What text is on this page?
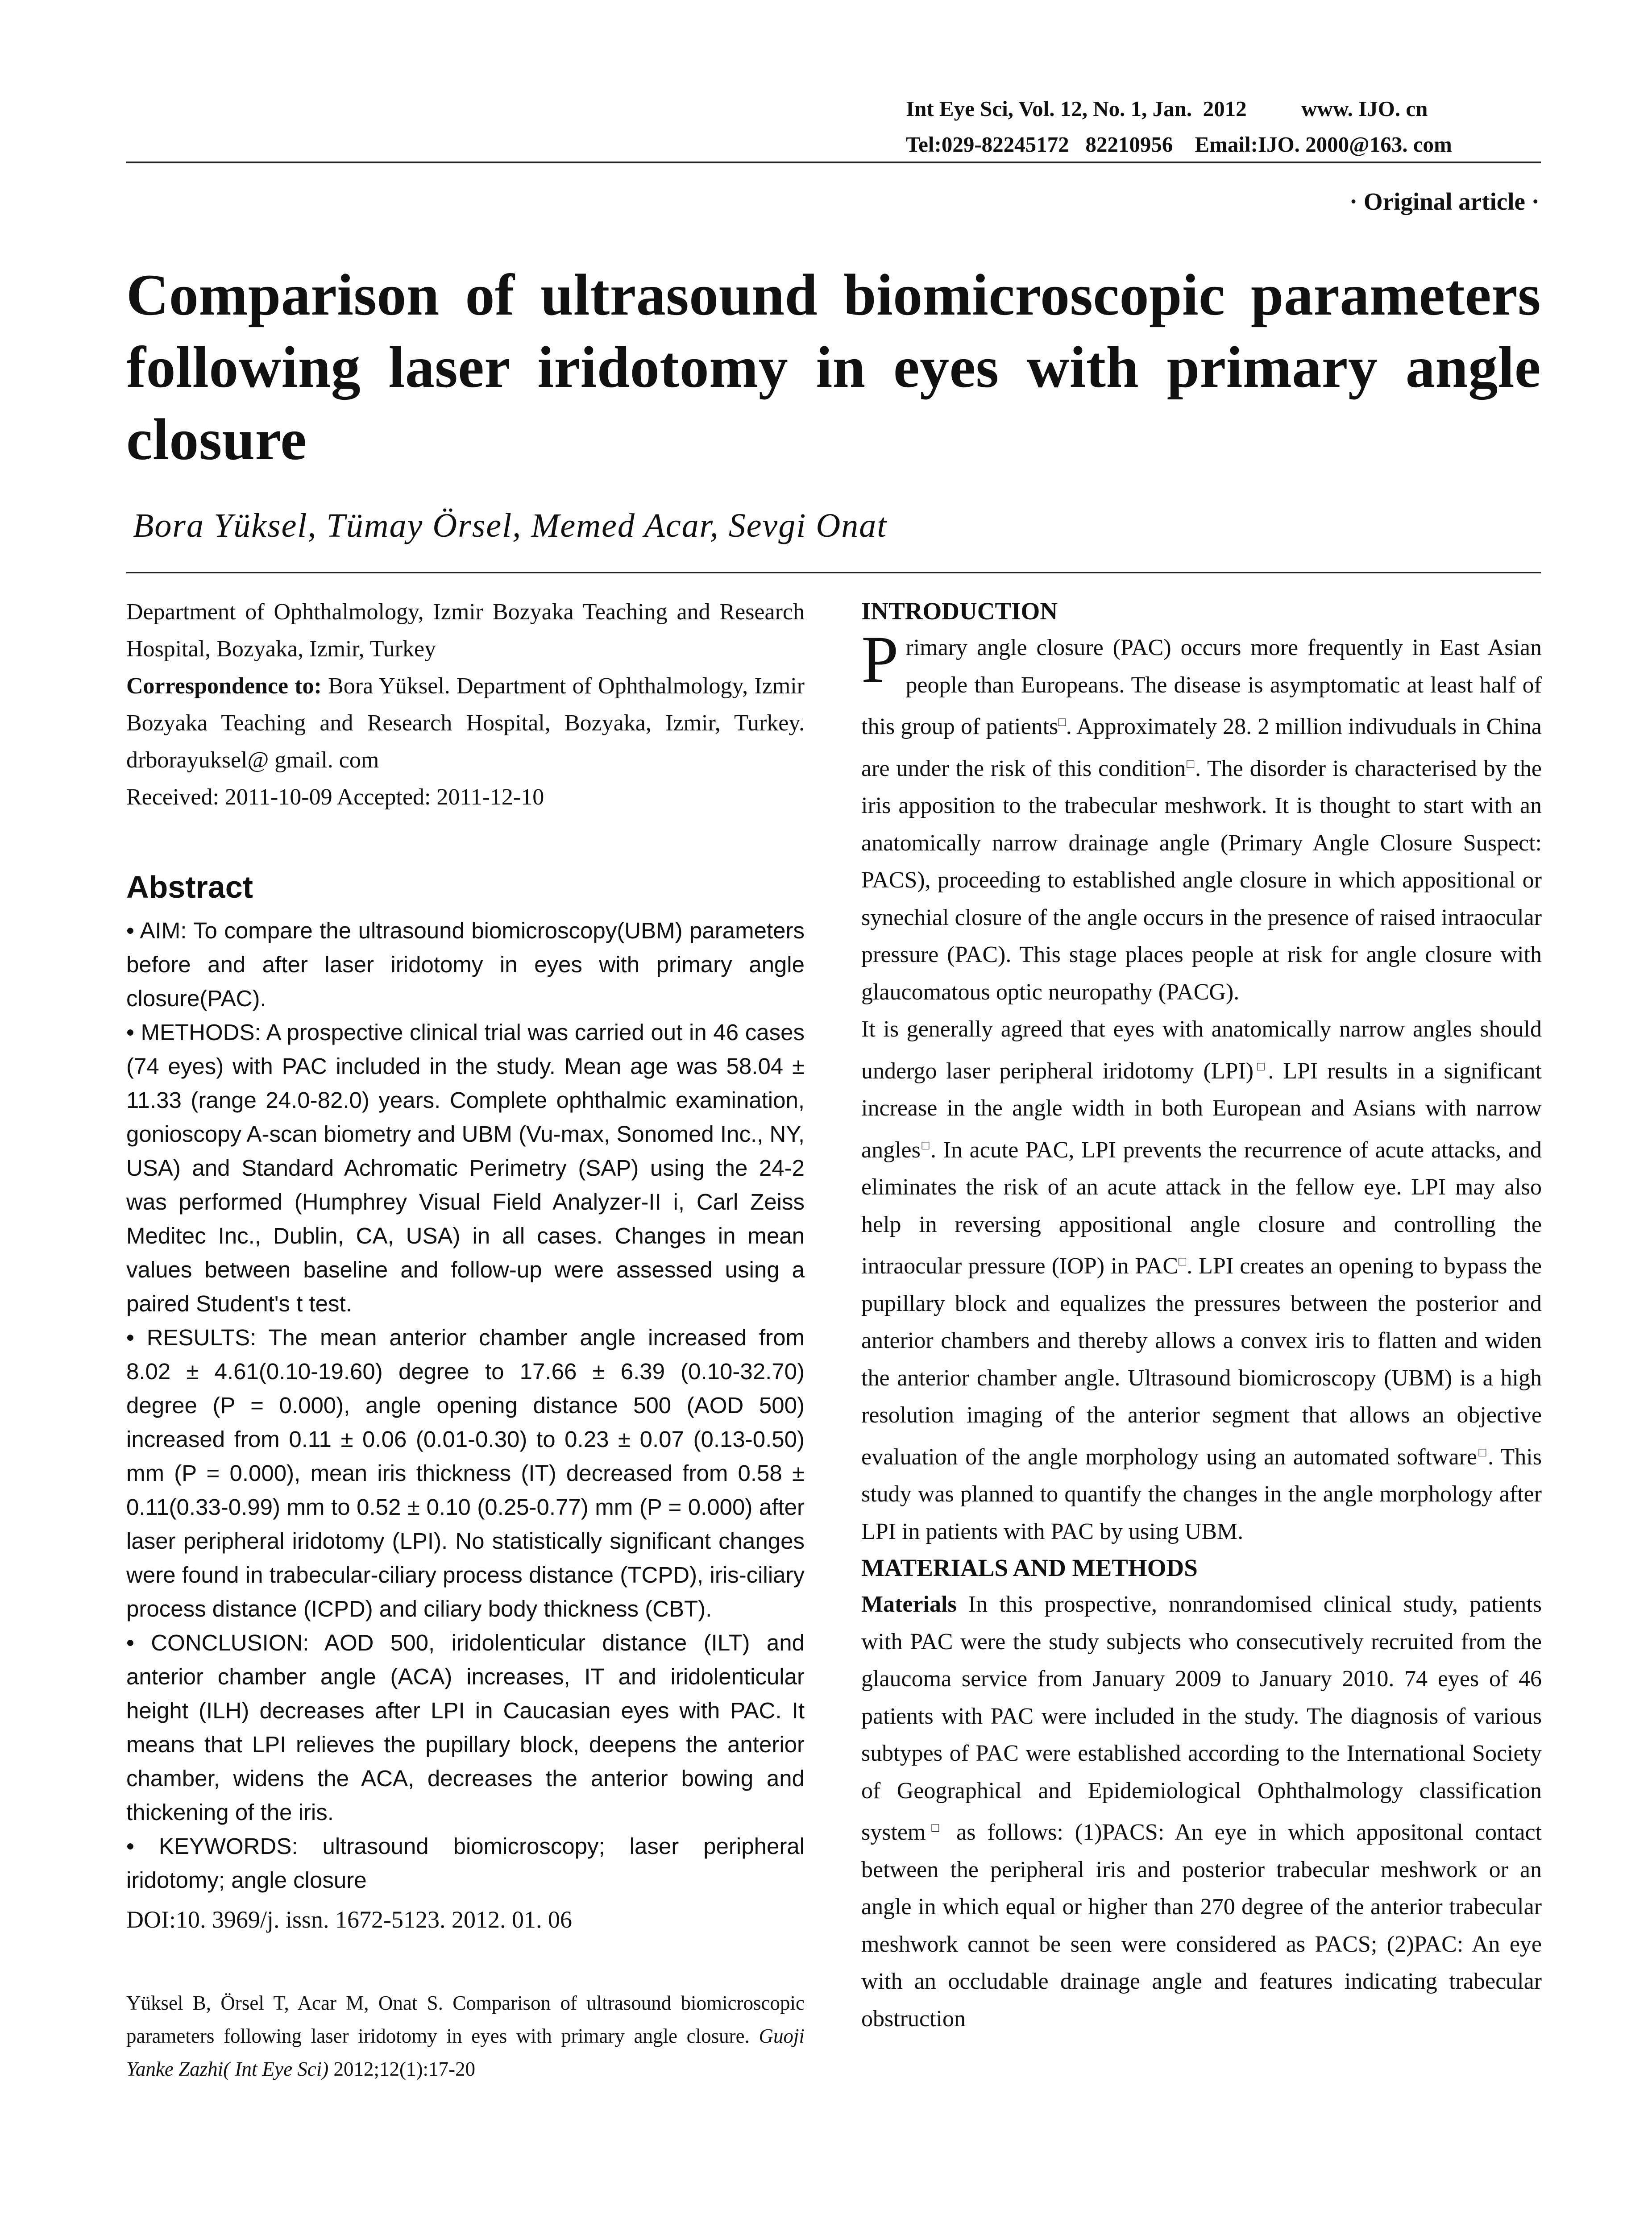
Int Eye Sci, Vol. 12, No. 1, Jan.  2012          www. IJO. cn
Tel:029-82245172   82210956    Email:IJO. 2000@163. com
· Original article ·
Comparison of ultrasound biomicroscopic parameters following laser iridotomy in eyes with primary angle closure
Bora Yüksel, Tümay Örsel, Memed Acar, Sevgi Onat

Department of Ophthalmology, Izmir Bozyaka Teaching and Research Hospital, Bozyaka, Izmir, Turkey

Correspondence to: Bora Yüksel. Department of Ophthalmology, Izmir Bozyaka Teaching and Research Hospital, Bozyaka, Izmir, Turkey. drborayuksel@ gmail. com

Received: 2011-10-09 Accepted: 2011-12-10

Abstract

• AIM: To compare the ultrasound biomicroscopy(UBM) parameters before and after laser iridotomy in eyes with primary angle closure(PAC).

• METHODS: A prospective clinical trial was carried out in 46 cases (74 eyes) with PAC included in the study. Mean age was 58.04 ± 11.33 (range 24.0-82.0) years. Complete ophthalmic examination, gonioscopy A-scan biometry and UBM (Vu-max, Sonomed Inc., NY, USA) and Standard Achromatic Perimetry (SAP) using the 24-2 was performed (Humphrey Visual Field Analyzer-II i, Carl Zeiss Meditec Inc., Dublin, CA, USA) in all cases. Changes in mean values between baseline and follow-up were assessed using a paired Student's t test.

• RESULTS: The mean anterior chamber angle increased from 8.02 ± 4.61(0.10-19.60) degree to 17.66 ± 6.39 (0.10-32.70) degree (P = 0.000), angle opening distance 500 (AOD 500) increased from 0.11 ± 0.06 (0.01-0.30) to 0.23 ± 0.07 (0.13-0.50) mm (P = 0.000), mean iris thickness (IT) decreased from 0.58 ± 0.11(0.33-0.99) mm to 0.52 ± 0.10 (0.25-0.77) mm (P = 0.000) after laser peripheral iridotomy (LPI). No statistically significant changes were found in trabecular-ciliary process distance (TCPD), iris-ciliary process distance (ICPD) and ciliary body thickness (CBT).

• CONCLUSION: AOD 500, iridolenticular distance (ILT) and anterior chamber angle (ACA) increases, IT and iridolenticular height (ILH) decreases after LPI in Caucasian eyes with PAC. It means that LPI relieves the pupillary block, deepens the anterior chamber, widens the ACA, decreases the anterior bowing and thickening of the iris.

• KEYWORDS: ultrasound biomicroscopy; laser peripheral iridotomy; angle closure

DOI:10. 3969/j. issn. 1672-5123. 2012. 01. 06

Yüksel B, Örsel T, Acar M, Onat S. Comparison of ultrasound biomicroscopic parameters following laser iridotomy in eyes with primary angle closure. Guoji Yanke Zazhi( Int Eye Sci) 2012;12(1):17-20

INTRODUCTION

Primary angle closure (PAC) occurs more frequently in East Asian people than Europeans. The disease is asymptomatic at least half of this group of patients□. Approximately 28. 2 million indivuduals in China are under the risk of this condition□. The disorder is characterised by the iris apposition to the trabecular meshwork. It is thought to start with an anatomically narrow drainage angle (Primary Angle Closure Suspect: PACS), proceeding to established angle closure in which appositional or synechial closure of the angle occurs in the presence of raised intraocular pressure (PAC). This stage places people at risk for angle closure with glaucomatous optic neuropathy (PACG).

It is generally agreed that eyes with anatomically narrow angles should undergo laser peripheral iridotomy (LPI)□. LPI results in a significant increase in the angle width in both European and Asians with narrow angles□. In acute PAC, LPI prevents the recurrence of acute attacks, and eliminates the risk of an acute attack in the fellow eye. LPI may also help in reversing appositional angle closure and controlling the intraocular pressure (IOP) in PAC□. LPI creates an opening to bypass the pupillary block and equalizes the pressures between the posterior and anterior chambers and thereby allows a convex iris to flatten and widen the anterior chamber angle. Ultrasound biomicroscopy (UBM) is a high resolution imaging of the anterior segment that allows an objective evaluation of the angle morphology using an automated software□. This study was planned to quantify the changes in the angle morphology after LPI in patients with PAC by using UBM.

MATERIALS AND METHODS

Materials In this prospective, nonrandomised clinical study, patients with PAC were the study subjects who consecutively recruited from the glaucoma service from January 2009 to January 2010. 74 eyes of 46 patients with PAC were included in the study. The diagnosis of various subtypes of PAC were established according to the International Society of Geographical and Epidemiological Ophthalmology classification system□ as follows: (1)PACS: An eye in which appositonal contact between the peripheral iris and posterior trabecular meshwork or an angle in which equal or higher than 270 degree of the anterior trabecular meshwork cannot be seen were considered as PACS; (2)PAC: An eye with an occludable drainage angle and features indicating trabecular obstruction
